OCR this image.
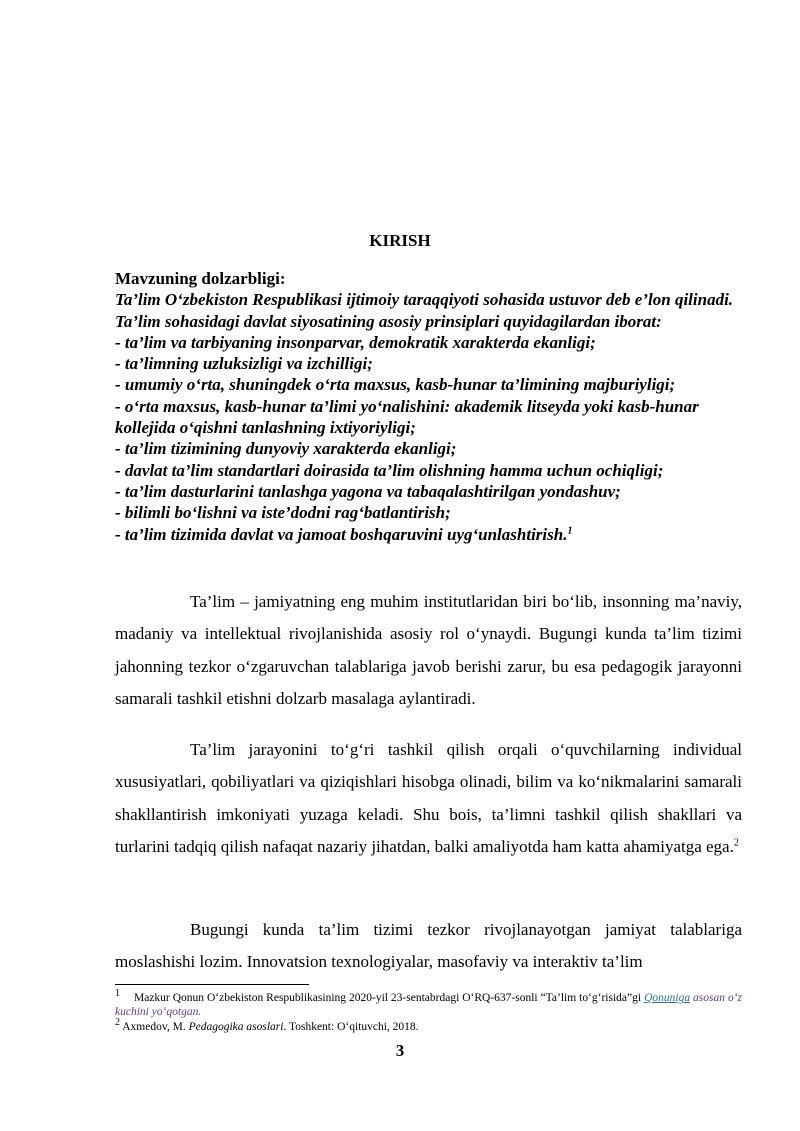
KIRISH
Mavzuning dolzarbligi:
Ta’lim O‘zbekiston Respublikasi ijtimoiy taraqqiyoti sohasida ustuvor deb e’lon qilinadi.
Ta’lim sohasidagi davlat siyosatining asosiy prinsiplari quyidagilardan iborat:
- ta’lim va tarbiyaning insonparvar, demokratik xarakterda ekanligi;
- ta’limning uzluksizligi va izchilligi;
- umumiy o‘rta, shuningdek o‘rta maxsus, kasb-hunar ta’limining majburiyligi;
- o‘rta maxsus, kasb-hunar ta’limi yo‘nalishini: akademik litseyda yoki kasb-hunar kollejida o‘qishni tanlashning ixtiyoriyligi;
- ta’lim tizimining dunyoviy xarakterda ekanligi;
- davlat ta’lim standartlari doirasida ta’lim olishning hamma uchun ochiqligi;
- ta’lim dasturlarini tanlashga yagona va tabaqalashtirilgan yondashuv;
- bilimli bo‘lishni va iste’dodni rag‘batlantirish;
- ta’lim tizimida davlat va jamoat boshqaruvini uyg‘unlashtirish.$^1$

Ta’lim – jamiyatning eng muhim institutlaridan biri bo‘lib, insonning ma’naviy, madaniy va intellektual rivojlanishida asosiy rol o‘ynaydi. Bugungi kunda ta’lim tizimi jahonning tezkor o‘zgaruvchan talablariga javob berishi zarur, bu esa pedagogik jarayonni samarali tashkil etishni dolzarb masalaga aylantiradi.

Ta’lim jarayonini to‘g‘ri tashkil qilish orqali o‘quvchilarning individual xususiyatlari, qobiliyatlari va qiziqishlari hisobga olinadi, bilim va ko‘nikmalarini samarali shakllantirish imkoniyati yuzaga keladi. Shu bois, ta’limni tashkil qilish shakllari va turlarini tadqiq qilish nafaqat nazariy jihatdan, balki amaliyotda ham katta ahamiyatga ega.$^2$

Bugungi kunda ta’lim tizimi tezkor rivojlanayotgan jamiyat talablariga moslashishi lozim. Innovatsion texnologiyalar, masofaviy va interaktiv ta’lim

$^1$ Mazkur Qonun O‘zbekiston Respublikasining 2020-yil 23-sentabrdagi O‘RQ-637-sonli “Ta’lim to‘g‘risida”gi Qonuniga asosan o‘z kuchini yo‘qotgan.
$^2$ Axmedov, M. Pedagogika asoslari. Toshkent: O‘qituvchi, 2018.
3
